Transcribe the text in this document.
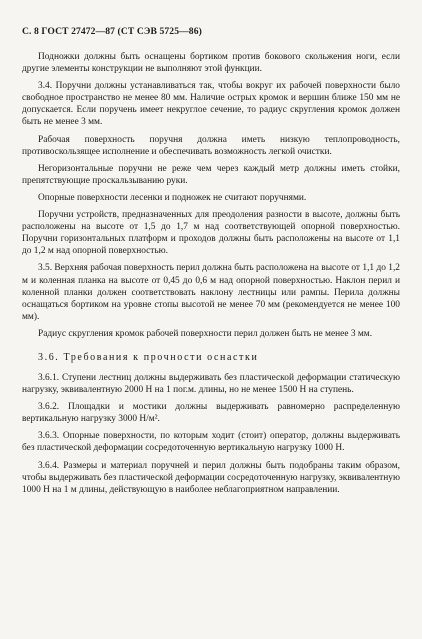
С. 8 ГОСТ 27472—87 (СТ СЭВ 5725—86)

Подножки должны быть оснащены бортиком против бокового скольжения ноги, если другие элементы конструкции не выполняют этой функции.

3.4. Поручни должны устанавливаться так, чтобы вокруг их рабочей поверхности было свободное пространство не менее 80 мм. Наличие острых кромок и вершин ближе 150 мм не допускается. Если поручень имеет некруглое сечение, то радиус скругления кромок должен быть не менее 3 мм.

Рабочая поверхность поручня должна иметь низкую теплопроводность, противоскользящее исполнение и обеспечивать возможность легкой очистки.

Негоризонтальные поручни не реже чем через каждый метр должны иметь стойки, препятствующие проскальзыванию руки.

Опорные поверхности лесенки и подножек не считают поручнями.

Поручни устройств, предназначенных для преодоления разности в высоте, должны быть расположены на высоте от 1,5 до 1,7 м над соответствующей опорной поверхностью. Поручни горизонтальных платформ и проходов должны быть расположены на высоте от 1,1 до 1,2 м над опорной поверхностью.

3.5. Верхняя рабочая поверхность перил должна быть расположена на высоте от 1,1 до 1,2 м и коленная планка на высоте от 0,45 до 0,6 м над опорной поверхностью. Наклон перил и коленной планки должен соответствовать наклону лестницы или рампы. Перила должны оснащаться бортиком на уровне стопы высотой не менее 70 мм (рекомендуется не менее 100 мм).

Радиус скругления кромок рабочей поверхности перил должен быть не менее 3 мм.

3.6. Требования к прочности оснастки

3.6.1. Ступени лестниц должны выдерживать без пластической деформации статическую нагрузку, эквивалентную 2000 Н на 1 пог.м. длины, но не менее 1500 Н на ступень.

3.6.2. Площадки и мостики должны выдерживать равномерно распределенную вертикальную нагрузку 3000 Н/м².

3.6.3. Опорные поверхности, по которым ходит (стоит) оператор, должны выдерживать без пластической деформации сосредоточенную вертикальную нагрузку 1000 Н.

3.6.4. Размеры и материал поручней и перил должны быть подобраны таким образом, чтобы выдерживать без пластической деформации сосредоточенную нагрузку, эквивалентную 1000 Н на 1 м длины, действующую в наиболее неблагоприятном направлении.
